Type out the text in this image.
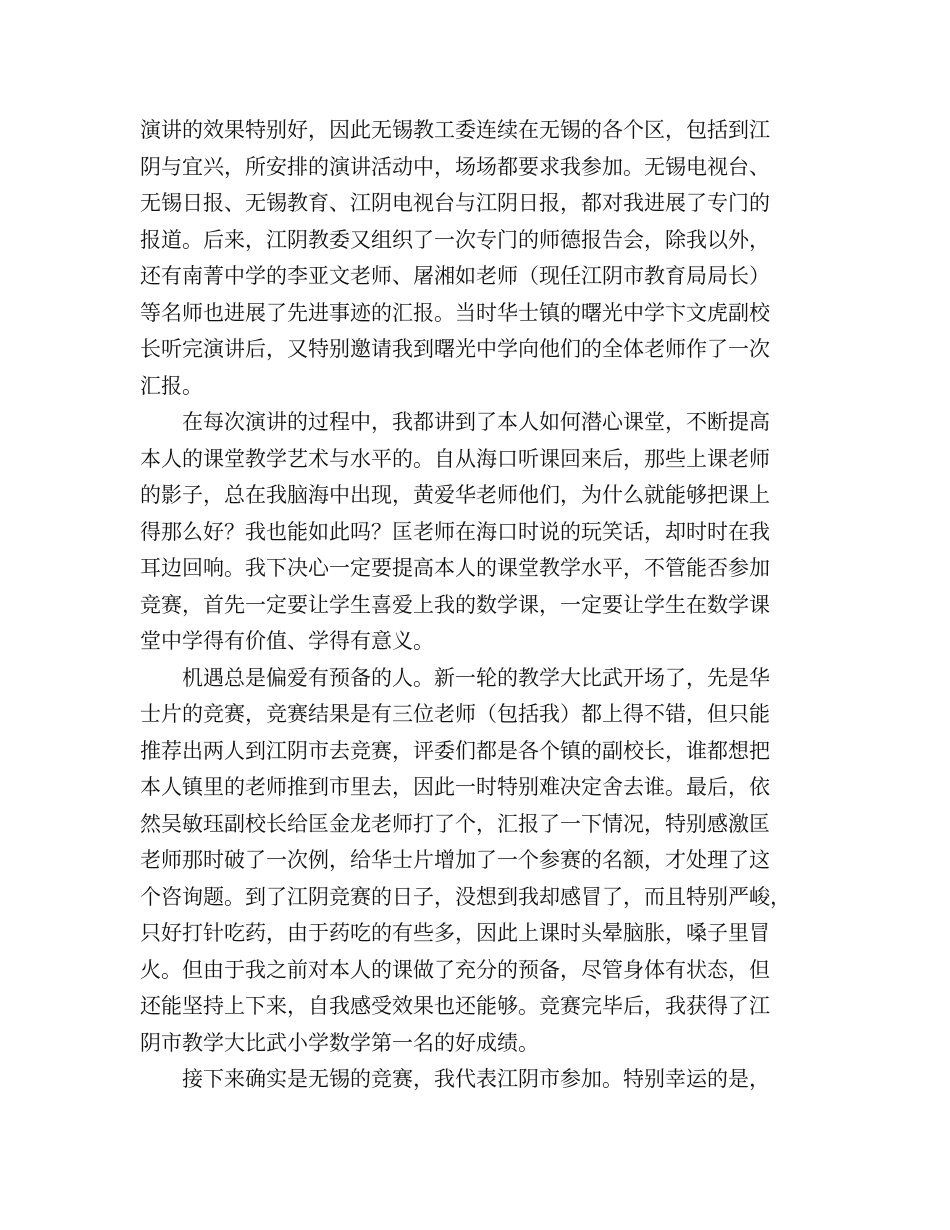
演讲的效果特别好，因此无锡教工委连续在无锡的各个区，包括到江
阴与宜兴，所安排的演讲活动中，场场都要求我参加。无锡电视台、
无锡日报、无锡教育、江阴电视台与江阴日报，都对我进展了专门的
报道。后来，江阴教委又组织了一次专门的师德报告会，除我以外，
还有南菁中学的李亚文老师、屠湘如老师（现任江阴市教育局局长）
等名师也进展了先进事迹的汇报。当时华士镇的曙光中学卞文虎副校
长听完演讲后，又特别邀请我到曙光中学向他们的全体老师作了一次
汇报。
在每次演讲的过程中，我都讲到了本人如何潜心课堂，不断提高
本人的课堂教学艺术与水平的。自从海口听课回来后，那些上课老师
的影子，总在我脑海中出现，黄爱华老师他们，为什么就能够把课上
得那么好？我也能如此吗？匡老师在海口时说的玩笑话，却时时在我
耳边回响。我下决心一定要提高本人的课堂教学水平，不管能否参加
竞赛，首先一定要让学生喜爱上我的数学课，一定要让学生在数学课
堂中学得有价值、学得有意义。
机遇总是偏爱有预备的人。新一轮的教学大比武开场了，先是华
士片的竞赛，竞赛结果是有三位老师（包括我）都上得不错，但只能
推荐出两人到江阴市去竞赛，评委们都是各个镇的副校长，谁都想把
本人镇里的老师推到市里去，因此一时特别难决定舍去谁。最后，依
然吴敏珏副校长给匡金龙老师打了个，汇报了一下情况，特别感激匡
老师那时破了一次例，给华士片增加了一个参赛的名额，才处理了这
个咨询题。到了江阴竞赛的日子，没想到我却感冒了，而且特别严峻，
只好打针吃药，由于药吃的有些多，因此上课时头晕脑胀，嗓子里冒
火。但由于我之前对本人的课做了充分的预备，尽管身体有状态，但
还能坚持上下来，自我感受效果也还能够。竞赛完毕后，我获得了江
阴市教学大比武小学数学第一名的好成绩。
接下来确实是无锡的竞赛，我代表江阴市参加。特别幸运的是，
